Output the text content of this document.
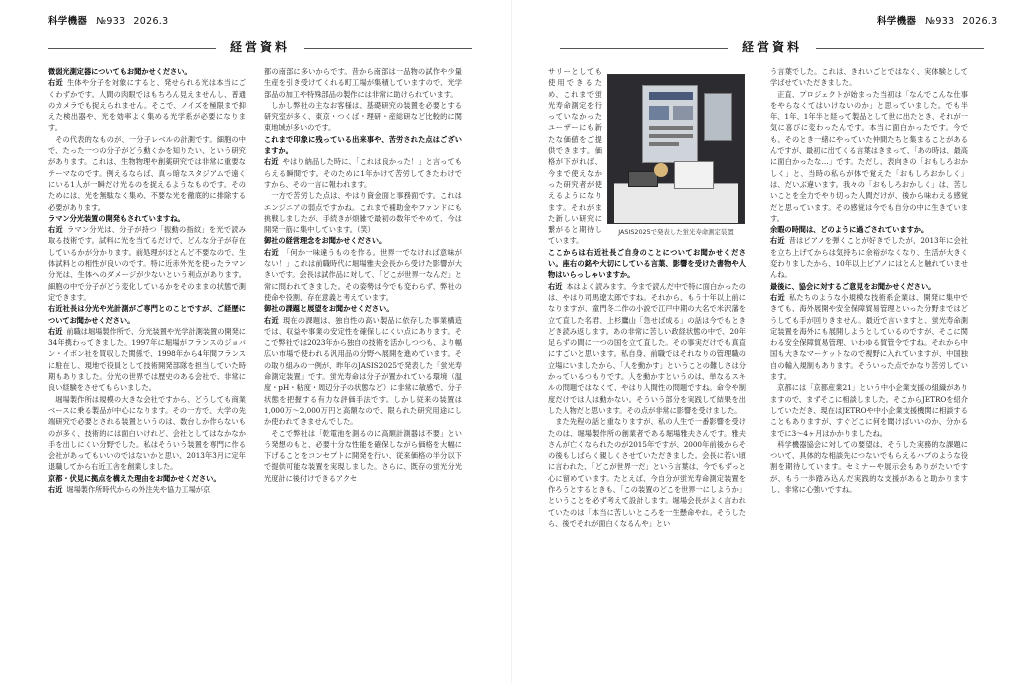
科学機器 №933 2026.3
経営資料

微弱光測定器についてもお聞かせください。

右近 生体や分子を対象にすると、発せられる光は本当にごくわずかです。人間の肉眼ではもちろん見えませんし、普通のカメラでも捉えられません。そこで、ノイズを極限まで抑えた検出器や、光を効率よく集める光学系が必要になります。

その代表的なものが、一分子レベルの計測です。細胞の中で、たった一つの分子がどう動くかを知りたい、という研究があります。これは、生物物理や創薬研究では非常に重要なテーマなのです。例えるならば、真っ暗なスタジアムで遠くにいる1人が一瞬だけ光るのを捉えるようなものです。そのためには、光を無駄なく集め、不要な光を徹底的に排除する必要があります。

ラマン分光装置の開発もされていますね。

右近 ラマン分光は、分子が持つ「振動の指紋」を光で読み取る技術です。試料に光を当てるだけで、どんな分子が存在しているかが分かります。前処理がほとんど不要なので、生体試料との相性が良いのです。特に近赤外光を使ったラマン分光は、生体へのダメージが少ないという利点があります。細胞の中で分子がどう変化しているかをそのままの状態で測定できます。

右近社長は分光や光計測がご専門とのことですが、ご経歴についてお聞かせください。

右近 前職は堀場製作所で、分光装置や光学計測装置の開発に34年携わってきました。1997年に堀場がフランスのジョバン・イボン社を買収した関係で、1998年から4年間フランスに駐在し、現地で役員として技術開発部隊を担当していた時期もありました。分光の世界では歴史のある会社で、非常に良い経験をさせてもらいました。

堀場製作所は規模の大きな会社ですから、どうしても商業ベースに乗る製品が中心になります。その一方で、大学の先端研究で必要とされる装置というのは、数台しか作らないものが多く、技術的には面白いけれど、会社としてはなかなか手を出しにくい分野でした。私はそういう装置を専門に作る会社があってもいいのではないかと思い、2013年3月に定年退職してから右近工舎を創業しました。

京都・伏見に拠点を構えた理由をお聞かせください。

右近 堀場製作所時代からの外注先や協力工場が京

都の南部に多いからです。昔から南部は一品物の試作や少量生産を引き受けてくれる町工場が集積していますので、光学部品の加工や特殊部品の製作には非常に助けられています。

しかし弊社の主なお客様は、基礎研究の装置を必要とする研究室が多く、東京・つくば・理研・産総研など比較的に関東地域が多いのです。

これまで印象に残っている出来事や、苦労された点はございますか。

右近 やはり納品した時に、「これは良かった！」と言ってもらえる瞬間です。そのために1年かけて苦労してきたわけですから、その一言に報われます。

一方で苦労した点は、やはり資金面と事務面です。これはエンジニアの弱点ですかね。これまで補助金やファンドにも挑戦しましたが、手続きが煩雑で最初の数年でやめて、今は開発一筋に集中しています。（笑）

御社の経営理念をお聞かせください。

右近 「何か一味違うものを作る。世界一でなければ意味がない！」これは前職時代に堀場雅夫会長から受けた影響が大きいです。会長は試作品に対して、「どこが世界一なんだ」と常に問われてきました。その姿勢は今でも変わらず、弊社の使命や役割、存在意義と考えています。

御社の課題と展望をお聞かせください。

右近 現在の課題は、独自性の高い製品に依存した事業構造では、収益や事業の安定性を確保しにくい点にあります。そこで弊社では2023年から独自の技術を活かしつつも、より幅広い市場で使われる汎用品の分野へ展開を進めています。その取り組みの一例が、昨年のJASIS2025で発表した「蛍光寿命測定装置」です。蛍光寿命は分子が置かれている環境（温度・pH・粘度・周辺分子の状態など）に非常に敏感で、分子状態を把握する有力な評価手法です。しかし従来の装置は1,000万～2,000万円と高額なので、限られた研究用途にしか使われてきませんでした。

そこで弊社は「乾電池を測るのに高額計測器は不要」という発想のもと、必要十分な性能を確保しながら価格を大幅に下げることをコンセプトに開発を行い、従来価格の半分以下で提供可能な装置を実現しました。さらに、既存の蛍光分光光度計に後付けできるアクセ

科学機器 №933 2026.3
経営資料

サリーとしても使用できるため、これまで蛍光寿命測定を行っていなかったユーザーにも新たな価値をご提供できます。価格が下がれば、今まで使えなかった研究者が使えるようになります。それがまた新しい研究に繋がると期待しています。

ここからは右近社長ご自身のことについてお聞かせください。座右の銘や大切にしている言葉、影響を受けた書物や人物はいらっしゃいますか。

右近 本はよく読みます。今まで読んだ中で特に面白かったのは、やはり司馬遼太郎ですね。それから、もう十年以上前になりますが、童門冬二作の小説で江戸中期の大名で米沢藩を立て直した名君、上杉鷹山「急せば成る」の話は今でもときどき読み返します。あの非常に苦しい政経状態の中で、20年足らずの間に一つの国を立て直した。その事実だけでも真直にすごいと思います。私自身、前職ではそれなりの管理職の立場にいましたから、「人を動かす」ということの難しさは分かっているつもりです。人を動かすというのは、単なるスキルの問題ではなくて、やはり人間性の問題ですね。命令や制度だけでは人は動かない。そういう部分を実践して結果を出した人物だと思います。その点が非常に影響を受けました。

また先程の話と重なりますが、私の人生で一番影響を受けたのは、堀場製作所の創業者である堀場雅夫さんです。雅夫さんが亡くなられたのが2015年ですが、2000年前後からその後もしばらく親しくさせていただきました。会長に若い頃に言われた、「どこが世界一だ」という言葉は、今でもずっと心に留めています。たとえば、今自分が蛍光寿命測定装置を作ろうとするときも、「この装置のどこを世界一にしようか」ということを必ず考えて設計します。堀場会長がよく言われていたのは「本当に苦しいところを一生懸命やれ。そうしたら、後でそれが面白くなるんや」とい

JASIS2025で発表した蛍光寿命測定装置

う言葉でした。これは、きれいごとではなく、実体験として学ばせていただきました。

正直、プロジェクトが始まった当初は「なんでこんな仕事をやらなくてはいけないのか」と思っていました。でも半年、1年、1年半と経って製品として世に出たとき、それが一気に喜びに変わったんです。本当に面白かったです。今でも、そのとき一緒にやっていた仲間たちと集まることがあるんですが、最初に出てくる言葉はきまって、「あの時は、最高に面白かったな…」です。ただし、表向きの「おもしろおかしく」と、当時の私らが体で覚えた「おもしろおかしく」は、だいぶ違います。我々の「おもしろおかしく」は、苦しいことを全力でやり切った人間だけが、後から味わえる感覚だと思っています。その感覚は今でも自分の中に生きています。

余暇の時間は、どのように過ごされていますか。

右近 昔はピアノを弾くことが好きでしたが、2013年に会社を立ち上げてからは気持ちに余裕がなくなり、生活が大きく変わりましたから、10年以上ピアノにはとんと触れていませんね。

最後に、協会に対するご意見をお聞かせください。

右近 私たちのような小規模な技術系企業は、開発に集中できても、海外展開や安全保障貿易管理といった分野まではどうしても手が回りきません。最近で言いますと、蛍光寿命測定装置を海外にも展開しようとしているのですが、そこに関わる安全保障貿易管理、いわゆる貿管令ですね。それから中国も大きなマーケットなので視野に入れていますが、中国独自の輸入規制もあります。そういった点でかなり苦労しています。

京都には「京都産業21」という中小企業支援の組織がありますので、まずそこに相談しました。そこからJETROを紹介していただき、現在はJETROや中小企業支援機関に相談することもありますが、すぐどこに何を聞けばいいのか、分かるまでに3～4ヶ月はかかりましたね。

科学機器協会に対しての要望は、そうした実務的な課題について、具体的な相談先につないでもらえるハブのような役割を期待しています。セミナーや展示会もありがたいですが、もう一歩踏み込んだ実践的な支援があると助かりますし、非常に心強いですね。
